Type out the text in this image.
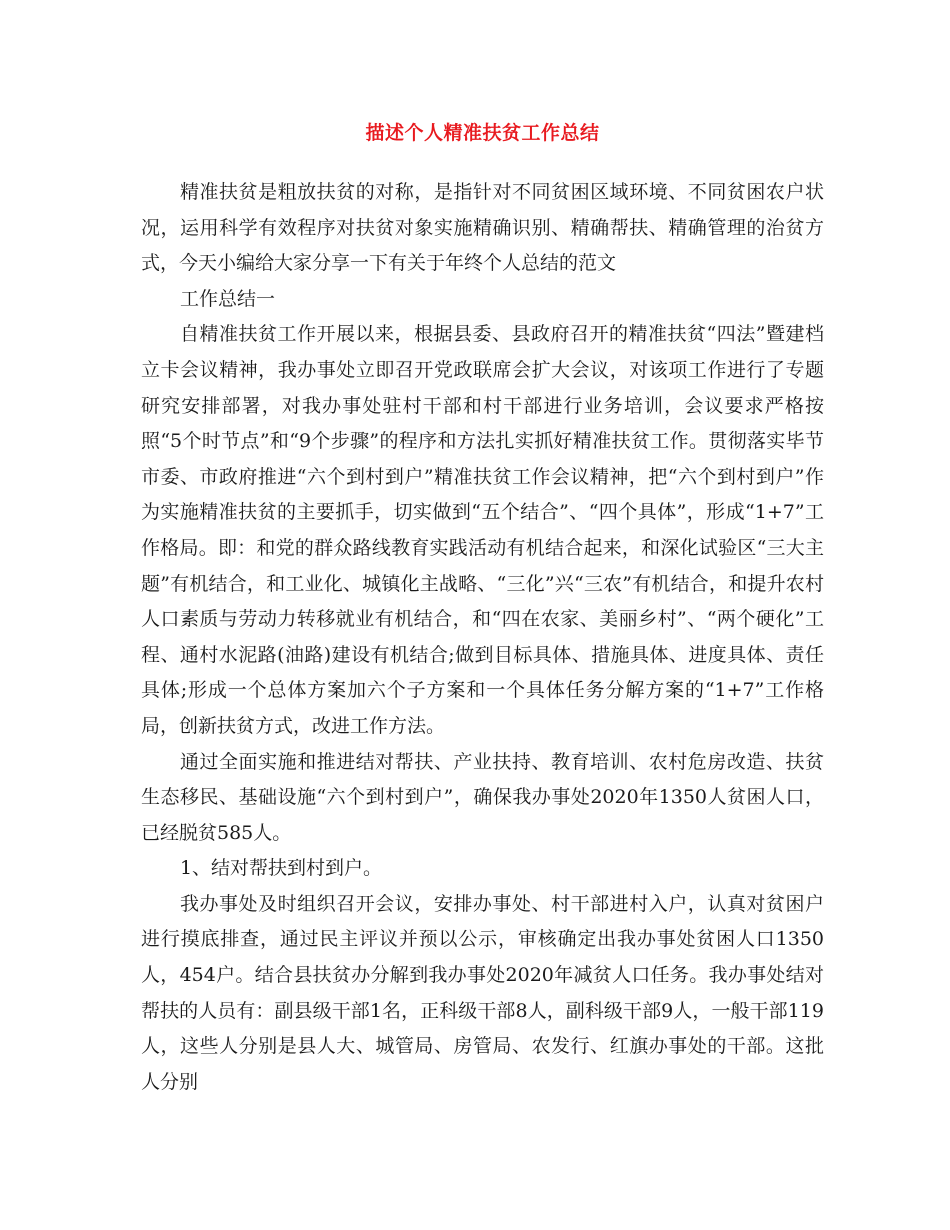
描述个人精准扶贫工作总结

精准扶贫是粗放扶贫的对称，是指针对不同贫困区域环境、不同贫困农户状况，运用科学有效程序对扶贫对象实施精确识别、精确帮扶、精确管理的治贫方式，今天小编给大家分享一下有关于年终个人总结的范文

工作总结一

自精准扶贫工作开展以来，根据县委、县政府召开的精准扶贫“四法”暨建档立卡会议精神，我办事处立即召开党政联席会扩大会议，对该项工作进行了专题研究安排部署，对我办事处驻村干部和村干部进行业务培训，会议要求严格按照“5个时节点”和“9个步骤”的程序和方法扎实抓好精准扶贫工作。贯彻落实毕节市委、市政府推进“六个到村到户”精准扶贫工作会议精神，把“六个到村到户”作为实施精准扶贫的主要抓手，切实做到“五个结合”、“四个具体”，形成“1+7”工作格局。即：和党的群众路线教育实践活动有机结合起来，和深化试验区“三大主题”有机结合，和工业化、城镇化主战略、“三化”兴“三农”有机结合，和提升农村人口素质与劳动力转移就业有机结合，和“四在农家、美丽乡村”、“两个硬化”工程、通村水泥路(油路)建设有机结合;做到目标具体、措施具体、进度具体、责任具体;形成一个总体方案加六个子方案和一个具体任务分解方案的“1+7”工作格局，创新扶贫方式，改进工作方法。

通过全面实施和推进结对帮扶、产业扶持、教育培训、农村危房改造、扶贫生态移民、基础设施“六个到村到户”，确保我办事处2020年1350人贫困人口，已经脱贫585人。

1、结对帮扶到村到户。

我办事处及时组织召开会议，安排办事处、村干部进村入户，认真对贫困户进行摸底排查，通过民主评议并预以公示，审核确定出我办事处贫困人口1350人，454户。结合县扶贫办分解到我办事处2020年减贫人口任务。我办事处结对帮扶的人员有：副县级干部1名，正科级干部8人，副科级干部9人，一般干部119人，这些人分别是县人大、城管局、房管局、农发行、红旗办事处的干部。这批人分别
